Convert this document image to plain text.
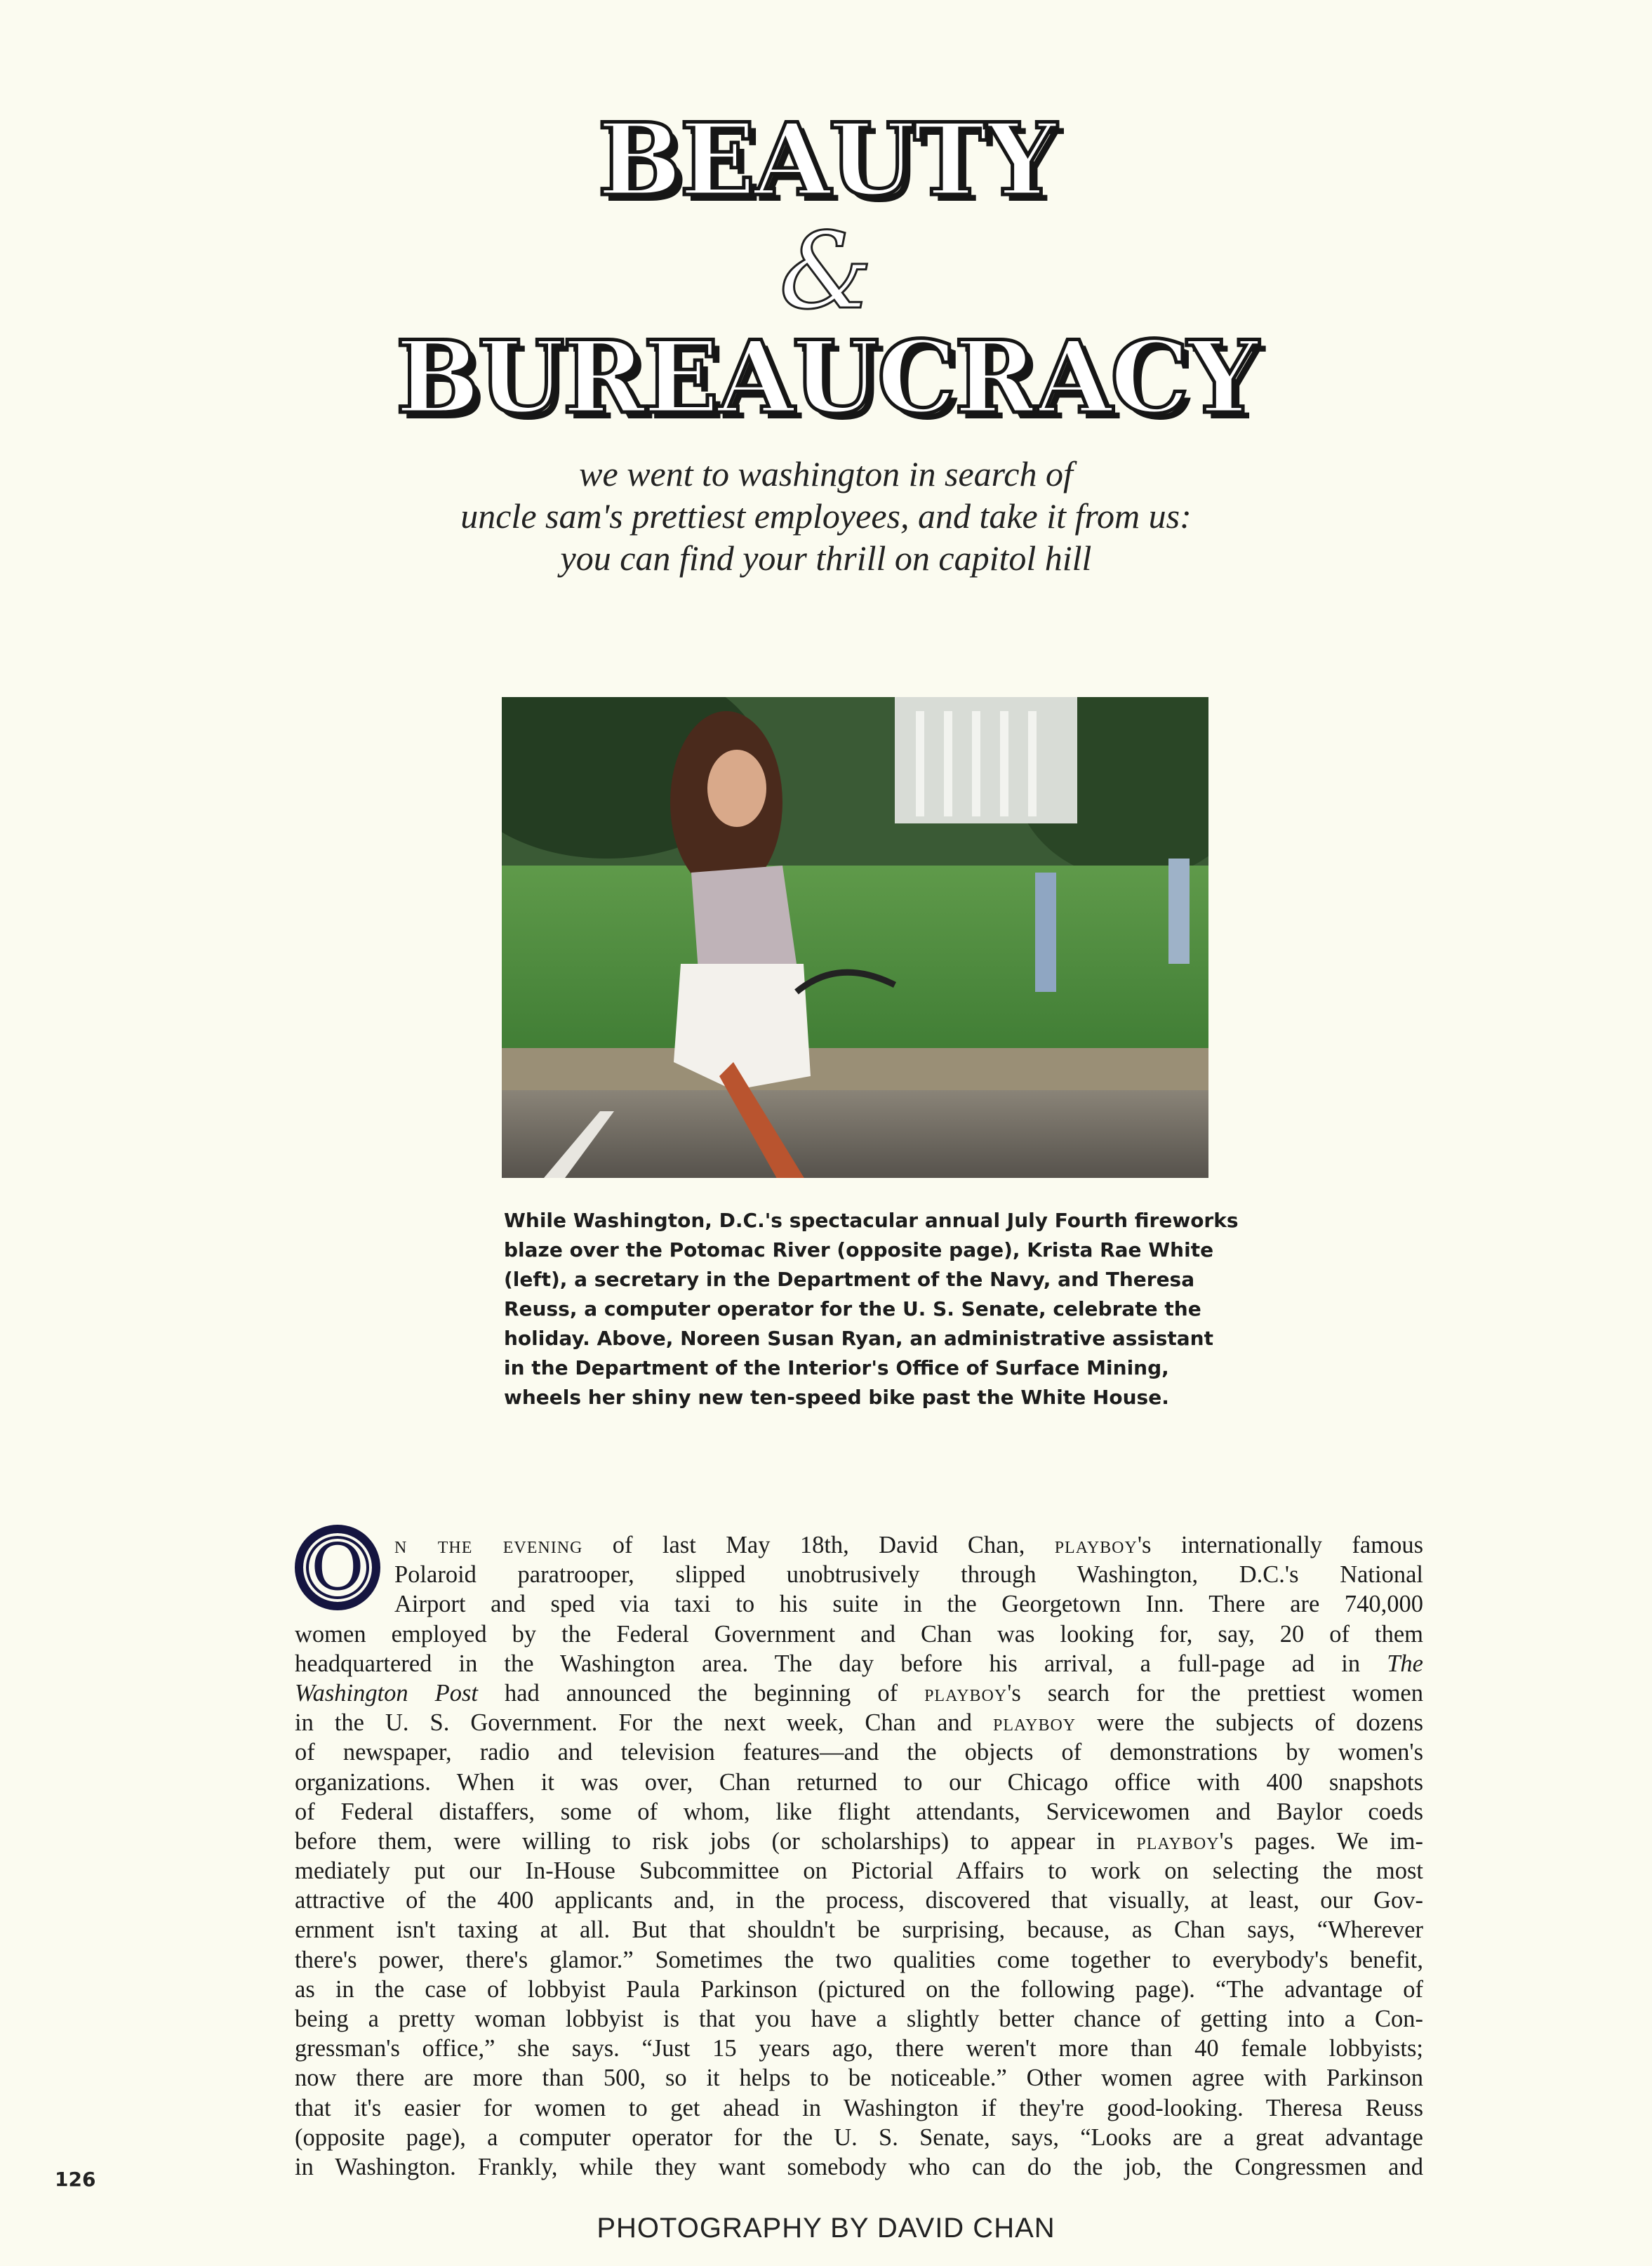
BEAUTY
&
BUREAUCRACY
we went to washington in search of
uncle sam's prettiest employees, and take it from us:
you can find your thrill on capitol hill
While Washington, D.C.'s spectacular annual July Fourth fireworks
blaze over the Potomac River (opposite page), Krista Rae White
(left), a secretary in the Department of the Navy, and Theresa
Reuss, a computer operator for the U. S. Senate, celebrate the
holiday. Above, Noreen Susan Ryan, an administrative assistant
in the Department of the Interior's Office of Surface Mining,
wheels her shiny new ten-speed bike past the White House.
n the evening of last May 18th, David Chan, playboy's internationally famous
Polaroid paratrooper, slipped unobtrusively through Washington, D.C.'s National
Airport and sped via taxi to his suite in the Georgetown Inn. There are 740,000
women employed by the Federal Government and Chan was looking for, say, 20 of them
headquartered in the Washington area. The day before his arrival, a full-page ad in The
Washington Post had announced the beginning of playboy's search for the prettiest women
in the U. S. Government. For the next week, Chan and playboy were the subjects of dozens
of newspaper, radio and television features—and the objects of demonstrations by women's
organizations. When it was over, Chan returned to our Chicago office with 400 snapshots
of Federal distaffers, some of whom, like flight attendants, Servicewomen and Baylor coeds
before them, were willing to risk jobs (or scholarships) to appear in playboy's pages. We im-
mediately put our In-House Subcommittee on Pictorial Affairs to work on selecting the most
attractive of the 400 applicants and, in the process, discovered that visually, at least, our Gov-
ernment isn't taxing at all. But that shouldn't be surprising, because, as Chan says, “Wherever
there's power, there's glamor.” Sometimes the two qualities come together to everybody's benefit,
as in the case of lobbyist Paula Parkinson (pictured on the following page). “The advantage of
being a pretty woman lobbyist is that you have a slightly better chance of getting into a Con-
gressman's office,” she says. “Just 15 years ago, there weren't more than 40 female lobbyists;
now there are more than 500, so it helps to be noticeable.” Other women agree with Parkinson
that it's easier for women to get ahead in Washington if they're good-looking. Theresa Reuss
(opposite page), a computer operator for the U. S. Senate, says, “Looks are a great advantage
in Washington. Frankly, while they want somebody who can do the job, the Congressmen and
O
126
PHOTOGRAPHY BY DAVID CHAN
